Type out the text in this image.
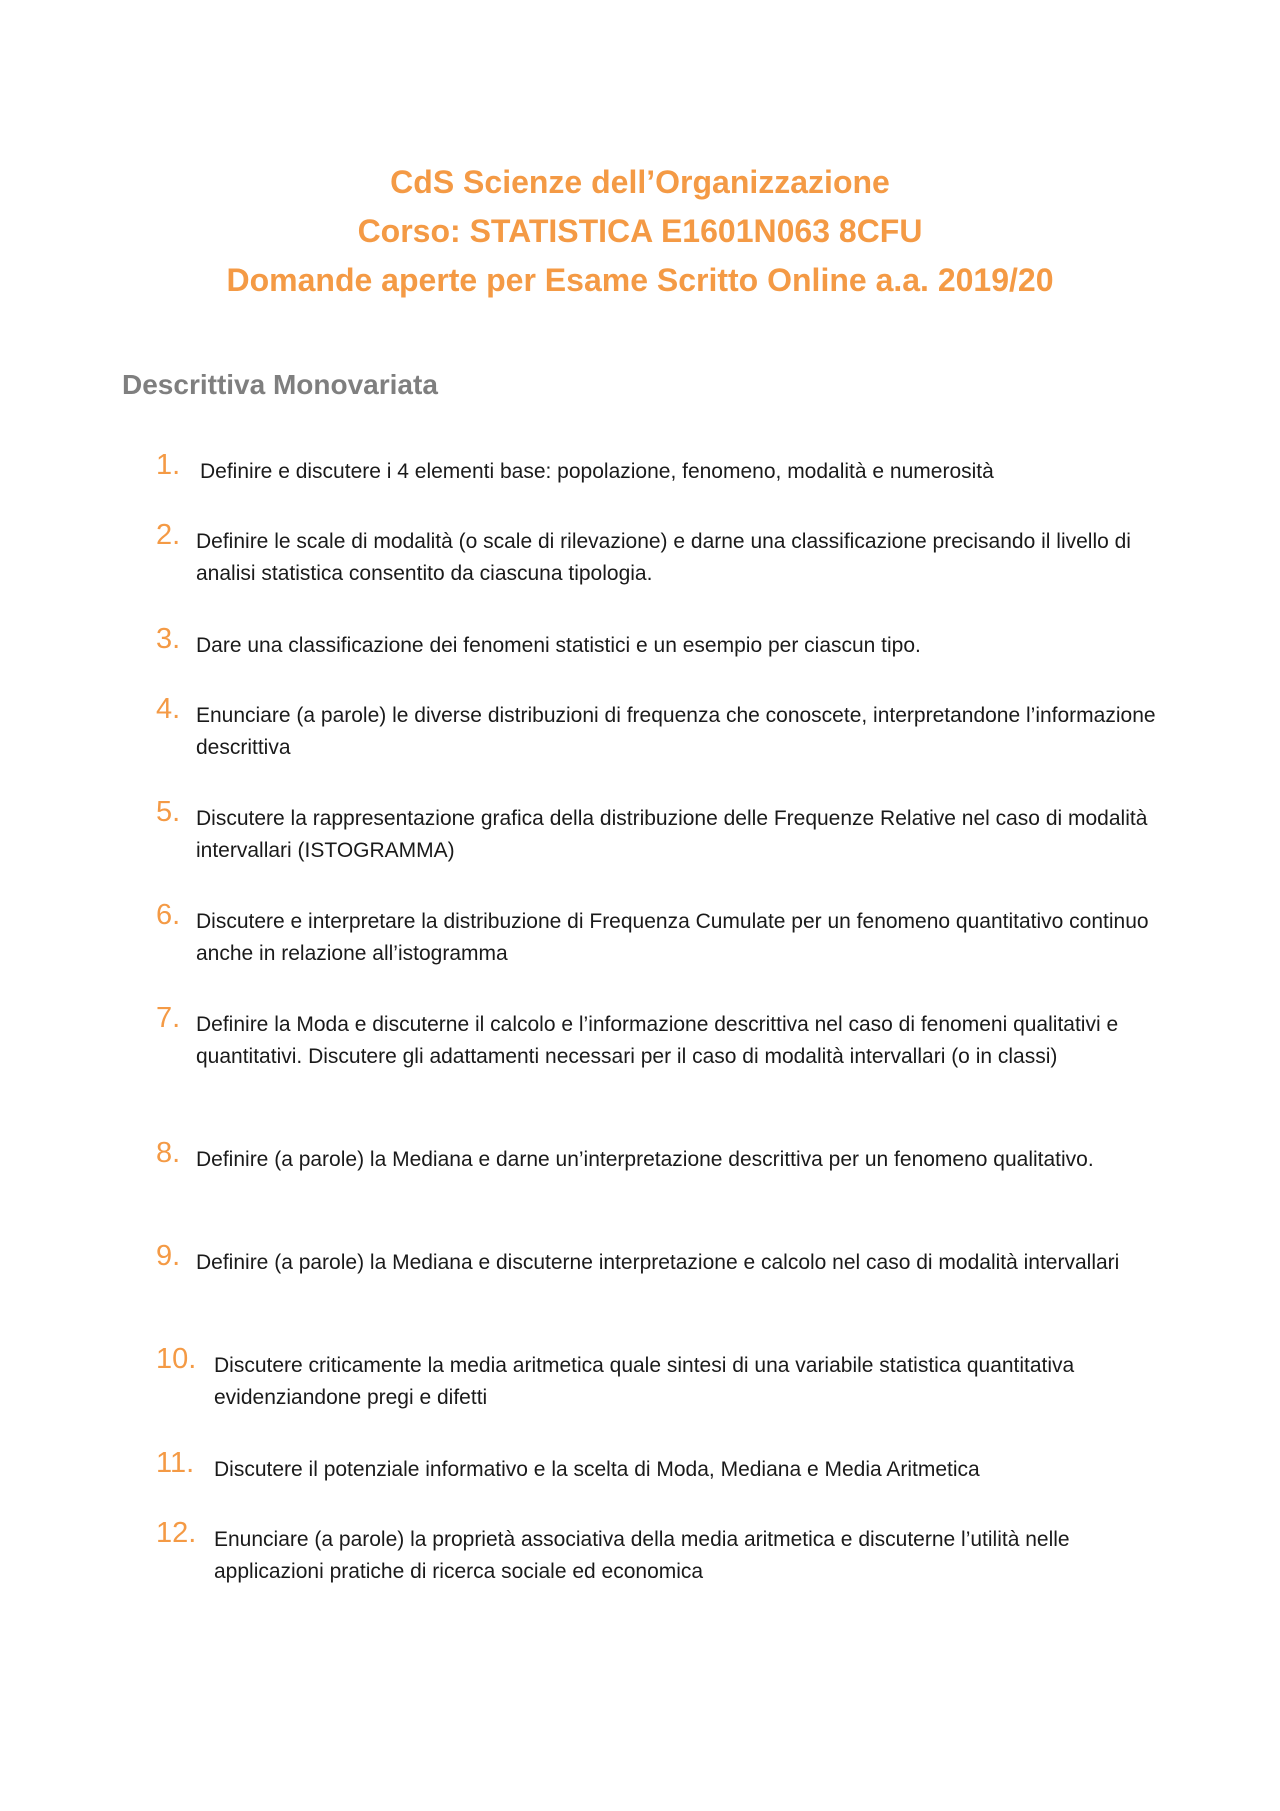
CdS Scienze dell’Organizzazione
Corso: STATISTICA E1601N063 8CFU
Domande aperte per Esame Scritto Online a.a. 2019/20
Descrittiva Monovariata
1. Definire e discutere i 4 elementi base: popolazione, fenomeno, modalità e numerosità
2. Definire le scale di modalità (o scale di rilevazione) e darne una classificazione precisando il livello di analisi statistica consentito da ciascuna tipologia.
3. Dare una classificazione dei fenomeni statistici e un esempio per ciascun tipo.
4. Enunciare (a parole) le diverse distribuzioni di frequenza che conoscete, interpretandone l’informazione descrittiva
5. Discutere la rappresentazione grafica della distribuzione delle Frequenze Relative nel caso di modalità intervallari (ISTOGRAMMA)
6. Discutere e interpretare la distribuzione di Frequenza Cumulate per un fenomeno quantitativo continuo anche in relazione all’istogramma
7. Definire la Moda e discuterne il calcolo e l’informazione descrittiva nel caso di fenomeni qualitativi e quantitativi. Discutere gli adattamenti necessari per il caso di modalità intervallari (o in classi)
8. Definire (a parole) la Mediana e darne un’interpretazione descrittiva per un fenomeno qualitativo.
9. Definire (a parole) la Mediana e discuterne interpretazione e calcolo nel caso di modalità intervallari
10. Discutere criticamente la media aritmetica quale sintesi di una variabile statistica quantitativa evidenziandone pregi e difetti
11. Discutere il potenziale informativo e la scelta di Moda, Mediana e Media Aritmetica
12. Enunciare (a parole) la proprietà associativa della media aritmetica e discuterne l’utilità nelle applicazioni pratiche di ricerca sociale ed economica
